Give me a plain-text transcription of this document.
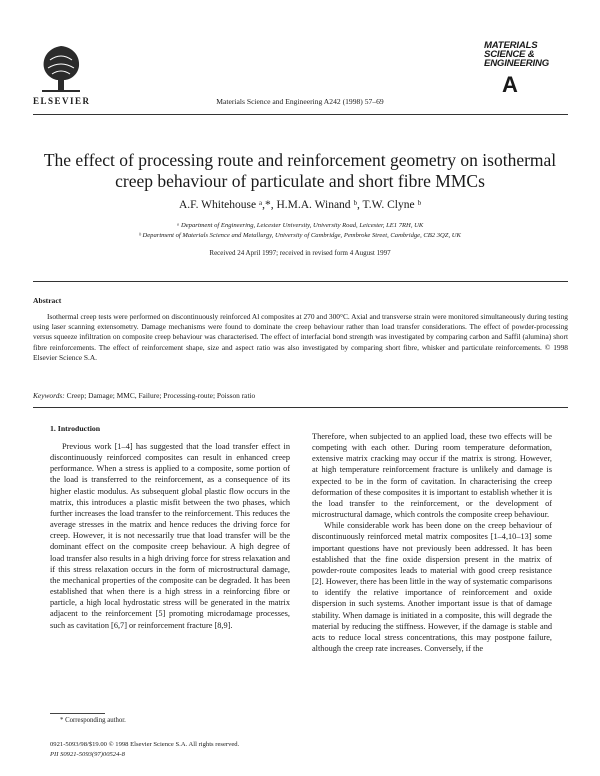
ELSEVIER	Materials Science and Engineering A242 (1998) 57–69
MATERIALS
SCIENCE &
ENGINEERING
A
The effect of processing route and reinforcement geometry on isothermal creep behaviour of particulate and short fibre MMCs
A.F. Whitehouse ᵃ,*, H.M.A. Winand ᵇ, T.W. Clyne ᵇ
ᵃ Department of Engineering, Leicester University, University Road, Leicester, LE1 7RH, UK
ᵇ Department of Materials Science and Metallurgy, University of Cambridge, Pembroke Street, Cambridge, CB2 3QZ, UK
Received 24 April 1997; received in revised form 4 August 1997
Abstract
Isothermal creep tests were performed on discontinuously reinforced Al composites at 270 and 300°C. Axial and transverse strain were monitored simultaneously during testing using laser scanning extensometry. Damage mechanisms were found to dominate the creep behaviour rather than load transfer considerations. The effect of powder-processing versus squeeze infiltration on composite creep behaviour was characterised. The effect of interfacial bond strength was investigated by comparing carbon and Saffil (alumina) short fibre reinforcements. The effect of reinforcement shape, size and aspect ratio was also investigated by comparing short fibre, whisker and particulate reinforcements. © 1998 Elsevier Science S.A.
Keywords: Creep; Damage; MMC, Failure; Processing-route; Poisson ratio
1. Introduction

Previous work [1–4] has suggested that the load transfer effect in discontinuously reinforced composites can result in enhanced creep performance. When a stress is applied to a composite, some portion of the load is transferred to the reinforcement, as a consequence of its higher elastic modulus. As subsequent global plastic flow occurs in the matrix, this introduces a plastic misfit between the two phases, which further increases the load transfer to the reinforcement. This reduces the average stresses in the matrix and hence reduces the driving force for creep. However, it is not necessarily true that load transfer will be the dominant effect on the composite creep behaviour. A high degree of load transfer also results in a high driving force for stress relaxation and if this stress relaxation occurs in the form of microstructural damage, the mechanical properties of the composite can be degraded. It has been established that when there is a high stress in a reinforcing fibre or particle, a high local hydrostatic stress will be generated in the matrix adjacent to the reinforcement [5] promoting microdamage processes, such as cavitation [6,7] or reinforcement fracture [8,9].

Therefore, when subjected to an applied load, these two effects will be competing with each other. During room temperature deformation, extensive matrix cracking may occur if the matrix is strong. However, at high temperature reinforcement fracture is unlikely and damage is expected to be in the form of cavitation. In characterising the creep deformation of these composites it is important to establish whether it is the load transfer to the reinforcement, or the development of microstructural damage, which controls the composite creep behaviour.

While considerable work has been done on the creep behaviour of discontinuously reinforced metal matrix composites [1–4,10–13] some important questions have not previously been addressed. It has been established that the fine oxide dispersion present in the matrix of powder-route composites leads to material with good creep resistance [2]. However, there has been little in the way of systematic comparisons to identify the relative importance of reinforcement and oxide dispersion in such systems. Another important issue is that of damage stability. When damage is initiated in a composite, this will degrade the material by reducing the stiffness. However, if the damage is stable and acts to reduce local stress concentrations, this may postpone failure, although the creep rate increases. Conversely, if the

* Corresponding author.
0921-5093/98/$19.00 © 1998 Elsevier Science S.A. All rights reserved.
PII S0921-5093(97)00524-8
